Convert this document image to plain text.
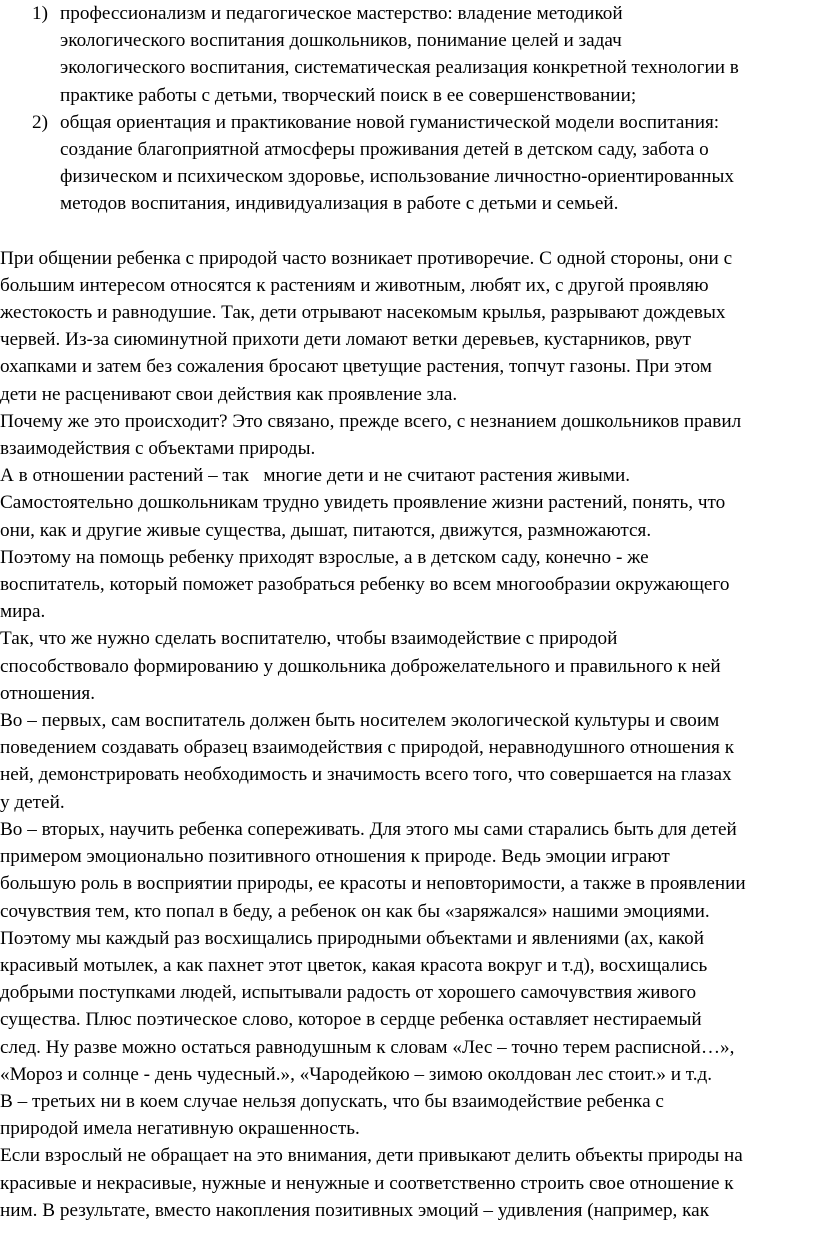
1) профессионализм и педагогическое мастерство: владение методикой
экологического воспитания дошкольников, понимание целей и задач
экологического воспитания, систематическая реализация конкретной технологии в
практике работы с детьми, творческий поиск в ее совершенствовании;
2) общая ориентация и практикование новой гуманистической модели воспитания:
создание благоприятной атмосферы проживания детей в детском саду, забота о
физическом и психическом здоровье, использование личностно-ориентированных
методов воспитания, индивидуализация в работе с детьми и семьей.

При общении ребенка с природой часто возникает противоречие. С одной стороны, они с
большим интересом относятся к растениям и животным, любят их, с другой проявляю
жестокость и равнодушие. Так, дети отрывают насекомым крылья, разрывают дождевых
червей. Из-за сиюминутной прихоти дети ломают ветки деревьев, кустарников, рвут
охапками и затем без сожаления бросают цветущие растения, топчут газоны. При этом
дети не расценивают свои действия как проявление зла.

Почему же это происходит? Это связано, прежде всего, с незнанием дошкольников правил
взаимодействия с объектами природы.

А в отношении растений – так   многие дети и не считают растения живыми.
Самостоятельно дошкольникам трудно увидеть проявление жизни растений, понять, что
они, как и другие живые существа, дышат, питаются, движутся, размножаются.

Поэтому на помощь ребенку приходят взрослые, а в детском саду, конечно - же
воспитатель, который поможет разобраться ребенку во всем многообразии окружающего
мира.

Так, что же нужно сделать воспитателю, чтобы взаимодействие с природой
способствовало формированию у дошкольника доброжелательного и правильного к ней
отношения.

Во – первых, сам воспитатель должен быть носителем экологической культуры и своим
поведением создавать образец взаимодействия с природой, неравнодушного отношения к
ней, демонстрировать необходимость и значимость всего того, что совершается на глазах
у детей.

Во – вторых, научить ребенка сопереживать. Для этого мы сами старались быть для детей
примером эмоционально позитивного отношения к природе. Ведь эмоции играют
большую роль в восприятии природы, ее красоты и неповторимости, а также в проявлении
сочувствия тем, кто попал в беду, а ребенок он как бы «заряжался» нашими эмоциями.
Поэтому мы каждый раз восхищались природными объектами и явлениями (ах, какой
красивый мотылек, а как пахнет этот цветок, какая красота вокруг и т.д), восхищались
добрыми поступками людей, испытывали радость от хорошего самочувствия живого
существа. Плюс поэтическое слово, которое в сердце ребенка оставляет нестираемый
след. Ну разве можно остаться равнодушным к словам «Лес – точно терем расписной…»,
«Мороз и солнце - день чудесный.», «Чародейкою – зимою околдован лес стоит.» и т.д.

В – третьих ни в коем случае нельзя допускать, что бы взаимодействие ребенка с
природой имела негативную окрашенность.

Если взрослый не обращает на это внимания, дети привыкают делить объекты природы на
красивые и некрасивые, нужные и ненужные и соответственно строить свое отношение к
ним. В результате, вместо накопления позитивных эмоций – удивления (например, как
